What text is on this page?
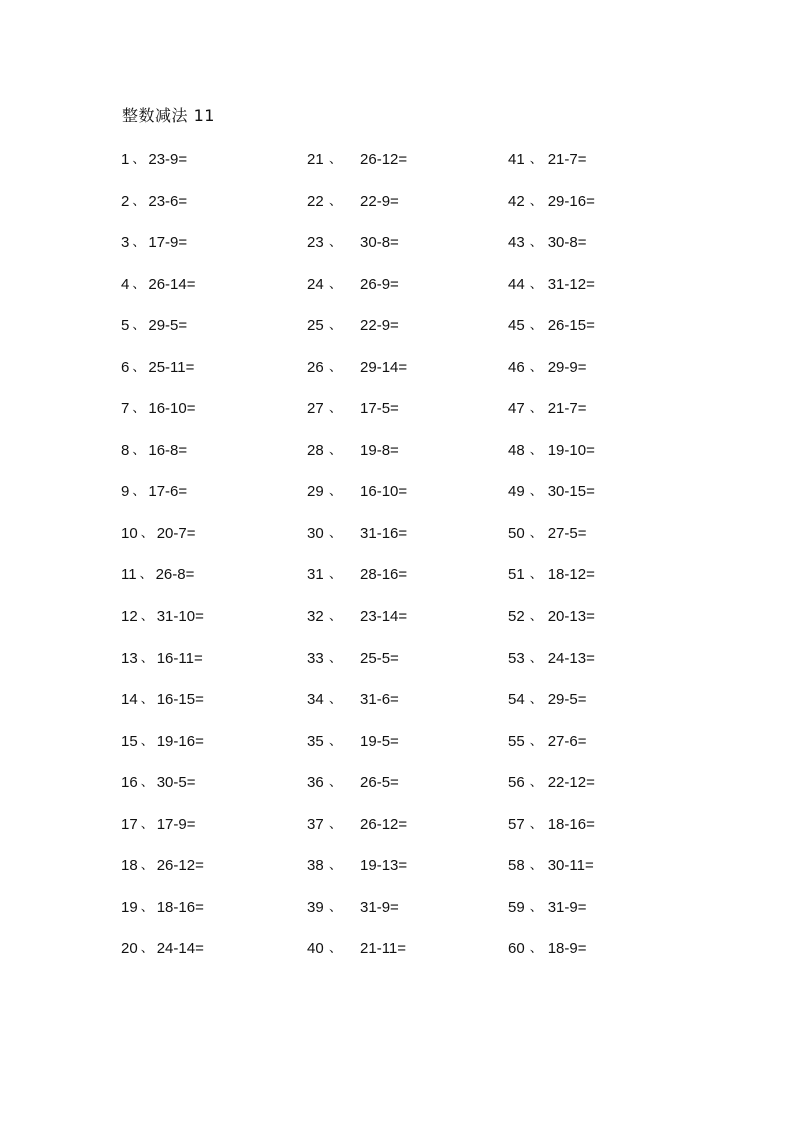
整数减法 11
1 、 23-9=
2 、 23-6=
3 、 17-9=
4 、 26-14=
5 、 29-5=
6 、 25-11=
7 、 16-10=
8 、 16-8=
9 、 17-6=
10 、 20-7=
11 、 26-8=
12 、 31-10=
13 、 16-11=
14 、 16-15=
15 、 19-16=
16 、 30-5=
17 、 17-9=
18 、 26-12=
19 、 18-16=
20 、 24-14=
21 、 26-12=
22 、 22-9=
23 、 30-8=
24 、 26-9=
25 、 22-9=
26 、 29-14=
27 、 17-5=
28 、 19-8=
29 、 16-10=
30 、 31-16=
31 、 28-16=
32 、 23-14=
33 、 25-5=
34 、 31-6=
35 、 19-5=
36 、 26-5=
37 、 26-12=
38 、 19-13=
39 、 31-9=
40 、 21-11=
41 、 21-7=
42 、 29-16=
43 、 30-8=
44 、 31-12=
45 、 26-15=
46 、 29-9=
47 、 21-7=
48 、 19-10=
49 、 30-15=
50 、 27-5=
51 、 18-12=
52 、 20-13=
53 、 24-13=
54 、 29-5=
55 、 27-6=
56 、 22-12=
57 、 18-16=
58 、 30-11=
59 、 31-9=
60 、 18-9=
